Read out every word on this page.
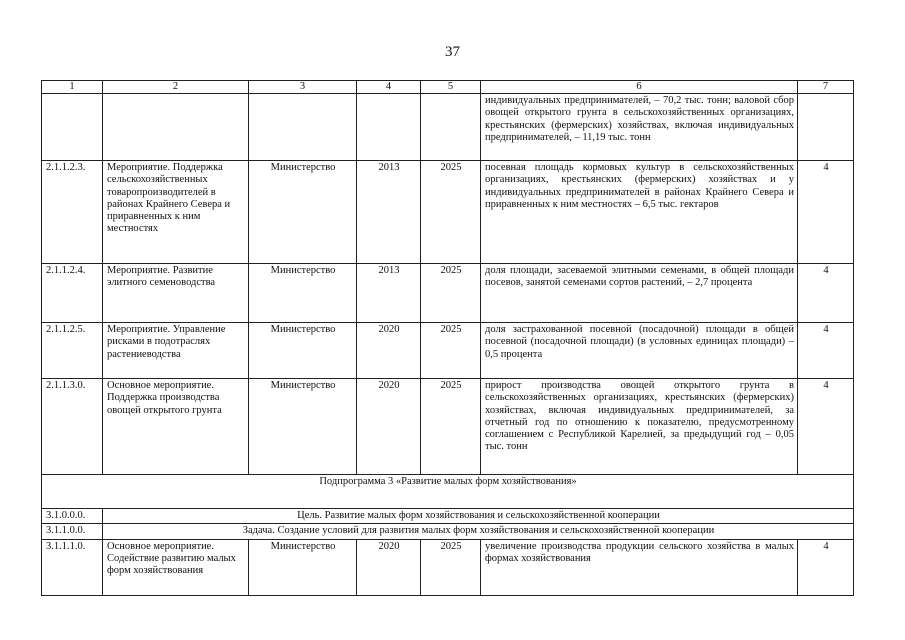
37
1	2	3	4	5	6	7
					индивидуальных предпринимателей, – 70,2 тыс. тонн; валовой сбор овощей открытого грунта в сельскохозяйственных организациях, крестьянских (фермерских) хозяйствах, включая индивидуальных предпринимателей, – 11,19 тыс. тонн	
2.1.1.2.3.	Мероприятие. Поддержка сельскохозяйственных товаропроизводителей в районах Крайнего Севера и приравненных к ним местностях	Министерство	2013	2025	посевная площадь кормовых культур в сельскохозяйственных организациях, крестьянских (фермерских) хозяйствах и у индивидуальных предпринимателей в районах Крайнего Севера и приравненных к ним местностях – 6,5 тыс. гектаров	4
2.1.1.2.4.	Мероприятие. Развитие элитного семеноводства	Министерство	2013	2025	доля площади, засеваемой элитными семенами, в общей площади посевов, занятой семенами сортов растений, – 2,7 процента	4
2.1.1.2.5.	Мероприятие. Управление рисками в подотраслях растениеводства	Министерство	2020	2025	доля застрахованной посевной (посадочной) площади в общей посевной (посадочной площади) (в условных единицах площади) – 0,5 процента	4
2.1.1.3.0.	Основное мероприятие. Поддержка производства овощей открытого грунта	Министерство	2020	2025	прирост производства овощей открытого грунта в сельскохозяйственных организациях, крестьянских (фермерских) хозяйствах, включая индивидуальных предпринимателей, за отчетный год по отношению к показателю, предусмотренному соглашением с Республикой Карелией, за предыдущий год – 0,05 тыс. тонн	4
Подпрограмма 3 «Развитие малых форм хозяйствования»						
3.1.0.0.0.	Цель. Развитие малых форм хозяйствования и сельскохозяйственной кооперации					
3.1.1.0.0.	Задача. Создание условий для развития малых форм хозяйствования и сельскохозяйственной кооперации					
3.1.1.1.0.	Основное мероприятие. Содействие развитию малых форм хозяйствования	Министерство	2020	2025	увеличение производства продукции сельского хозяйства в малых формах хозяйствования	4
